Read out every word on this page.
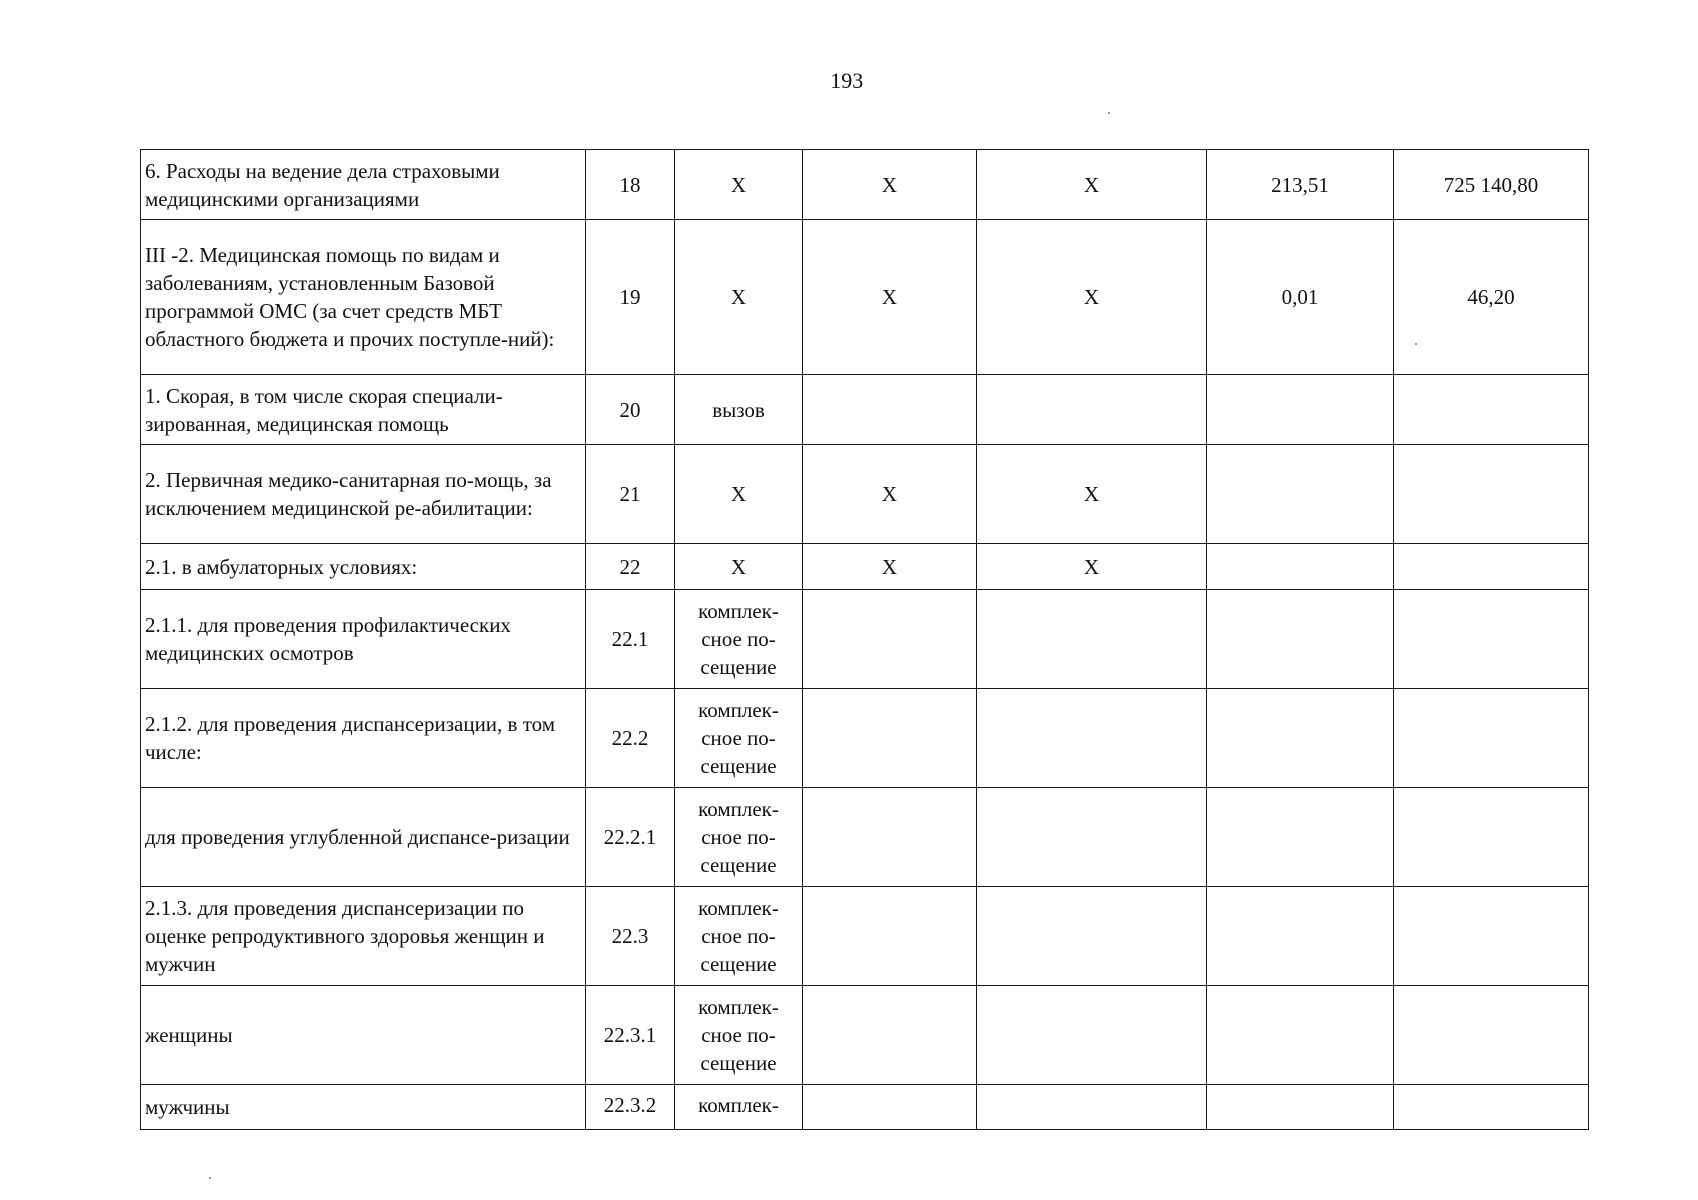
193
6. Расходы на ведение дела страховыми медицинскими организациями	18	X	X	X	213,51	725 140,80
III -2. Медицинская помощь по видам и заболеваниям, установленным Базовой программой ОМС (за счет средств МБТ областного бюджета и прочих поступле-ний):	19	X	X	X	0,01	46,20
1. Скорая, в том числе скорая специали-зированная, медицинская помощь	20	вызов				
2. Первичная медико-санитарная по-мощь, за исключением медицинской ре-абилитации:	21	X	X	X		
2.1. в амбулаторных условиях:	22	X	X	X		
2.1.1. для проведения профилактических медицинских осмотров	22.1	комплек-сное по-сещение				
2.1.2. для проведения диспансеризации, в том числе:	22.2	комплек-сное по-сещение				
для проведения углубленной диспансе-ризации	22.2.1	комплек-сное по-сещение				
2.1.3. для проведения диспансеризации по оценке репродуктивного здоровья женщин и мужчин	22.3	комплек-сное по-сещение				
женщины	22.3.1	комплек-сное по-сещение				
мужчины	22.3.2	комплек-				
